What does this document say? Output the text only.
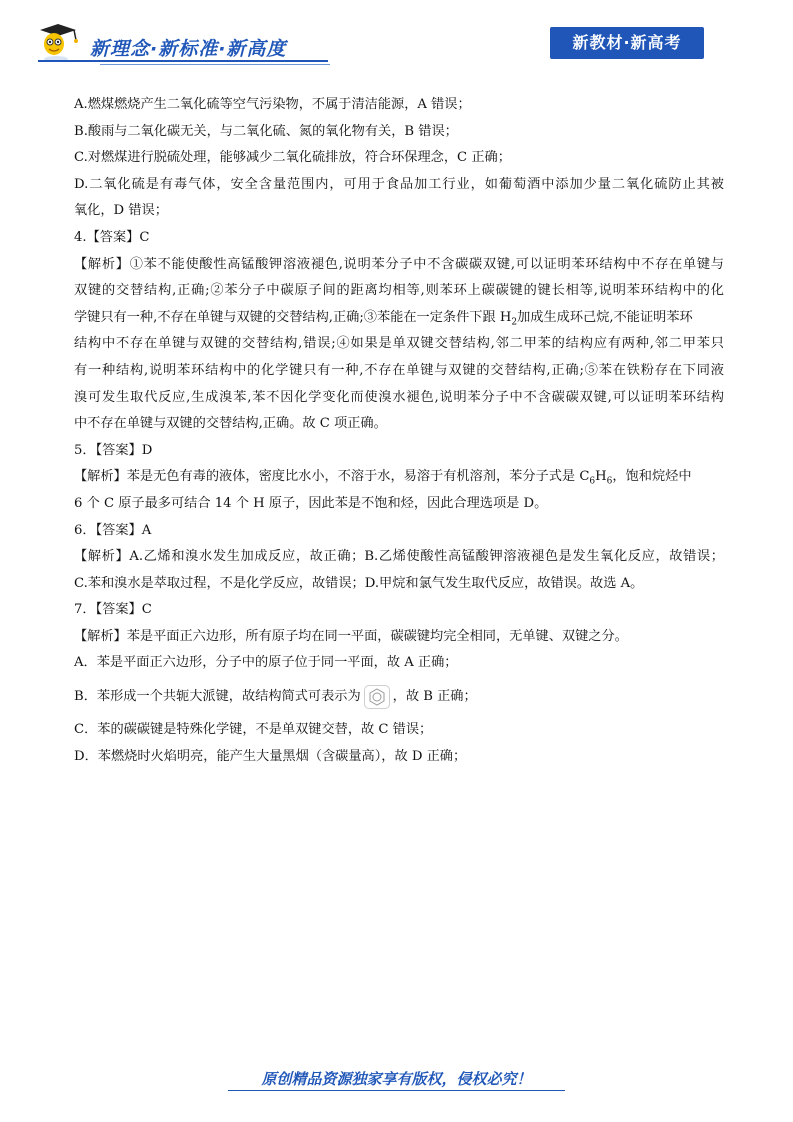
新理念·新标准·新高度	新教材·新高考
A.燃煤燃烧产生二氧化硫等空气污染物，不属于清洁能源，A 错误；
B.酸雨与二氧化碳无关，与二氧化硫、氮的氧化物有关，B 错误；
C.对燃煤进行脱硫处理，能够减少二氧化硫排放，符合环保理念，C 正确；
D.二氧化硫是有毒气体，安全含量范围内，可用于食品加工行业，如葡萄酒中添加少量二氧化硫防止其被
氧化，D 错误；
4.【答案】C
【解析】①苯不能使酸性高锰酸钾溶液褪色,说明苯分子中不含碳碳双键,可以证明苯环结构中不存在单键与
双键的交替结构,正确;②苯分子中碳原子间的距离均相等,则苯环上碳碳键的键长相等,说明苯环结构中的化
学键只有一种,不存在单键与双键的交替结构,正确;③苯能在一定条件下跟 $H_2$加成生成环己烷,不能证明苯环
结构中不存在单键与双键的交替结构,错误;④如果是单双键交替结构,邻二甲苯的结构应有两种,邻二甲苯只
有一种结构,说明苯环结构中的化学键只有一种,不存在单键与双键的交替结构,正确;⑤苯在铁粉存在下同液
溴可发生取代反应,生成溴苯,苯不因化学变化而使溴水褪色,说明苯分子中不含碳碳双键,可以证明苯环结构
中不存在单键与双键的交替结构,正确。故 C 项正确。
5．【答案】D
【解析】苯是无色有毒的液体，密度比水小，不溶于水，易溶于有机溶剂，苯分子式是 $C_6H_6$，饱和烷烃中
6 个 C 原子最多可结合 14 个 H 原子，因此苯是不饱和烃，因此合理选项是 D。
6．【答案】A
【解析】A.乙烯和溴水发生加成反应，故正确；B.乙烯使酸性高锰酸钾溶液褪色是发生氧化反应，故错误；
C.苯和溴水是萃取过程，不是化学反应，故错误；D.甲烷和氯气发生取代反应，故错误。故选 A。
7．【答案】C
【解析】苯是平面正六边形，所有原子均在同一平面，碳碳键均完全相同，无单键、双键之分。
A．苯是平面正六边形，分子中的原子位于同一平面，故 A 正确；
B．苯形成一个共轭大派键，故结构简式可表示为 ，故 B 正确；
C．苯的碳碳键是特殊化学键，不是单双键交替，故 C 错误；
D．苯燃烧时火焰明亮，能产生大量黑烟（含碳量高），故 D 正确；
原创精品资源独家享有版权，侵权必究！
